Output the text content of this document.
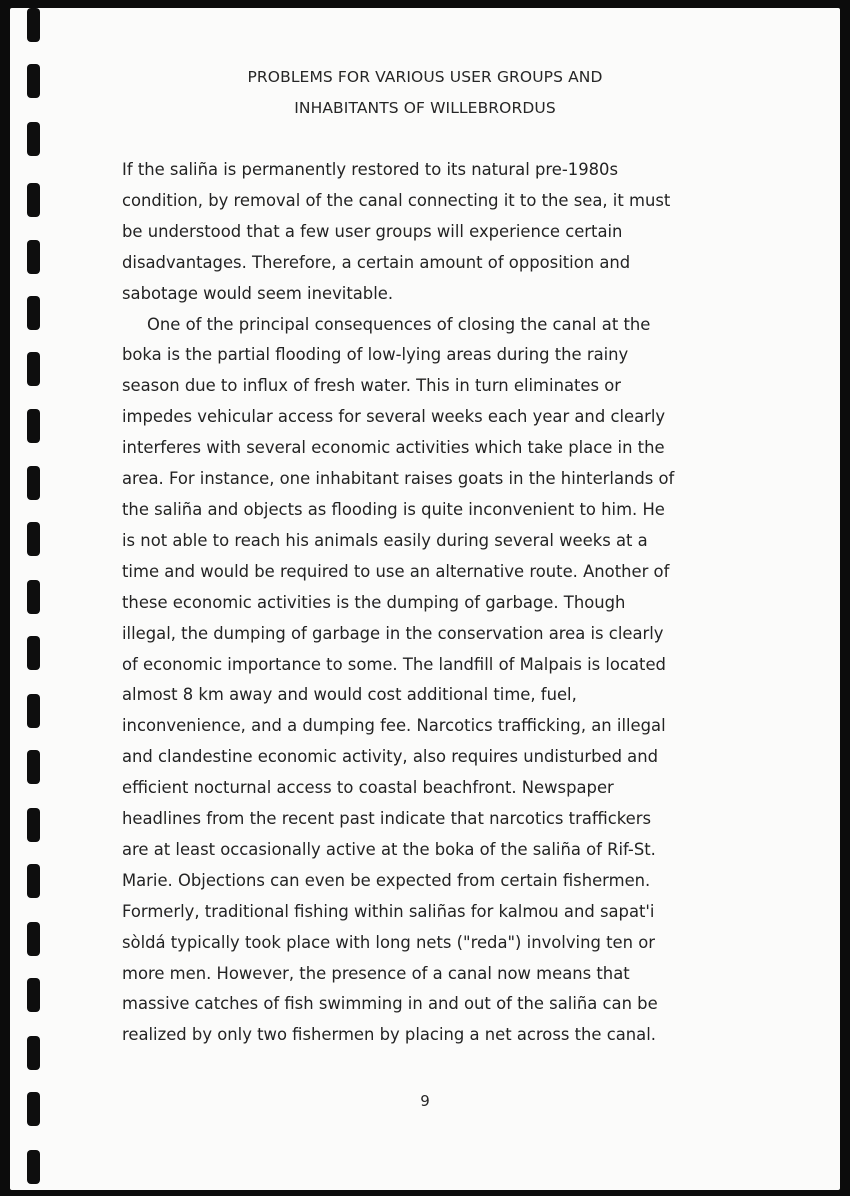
PROBLEMS FOR VARIOUS USER GROUPS AND
INHABITANTS OF WILLEBRORDUS

If the saliña is permanently restored to its natural pre-1980s
condition, by removal of the canal connecting it to the sea, it must
be understood that a few user groups will experience certain
disadvantages. Therefore, a certain amount of opposition and
sabotage would seem inevitable.

One of the principal consequences of closing the canal at the
boka is the partial flooding of low-lying areas during the rainy
season due to influx of fresh water. This in turn eliminates or
impedes vehicular access for several weeks each year and clearly
interferes with several economic activities which take place in the
area. For instance, one inhabitant raises goats in the hinterlands of
the saliña and objects as flooding is quite inconvenient to him. He
is not able to reach his animals easily during several weeks at a
time and would be required to use an alternative route. Another of
these economic activities is the dumping of garbage. Though
illegal, the dumping of garbage in the conservation area is clearly
of economic importance to some. The landfill of Malpais is located
almost 8 km away and would cost additional time, fuel,
inconvenience, and a dumping fee. Narcotics trafficking, an illegal
and clandestine economic activity, also requires undisturbed and
efficient nocturnal access to coastal beachfront. Newspaper
headlines from the recent past indicate that narcotics traffickers
are at least occasionally active at the boka of the saliña of Rif-St.
Marie. Objections can even be expected from certain fishermen.
Formerly, traditional fishing within saliñas for kalmou and sapat'i
sòldá typically took place with long nets ("reda") involving ten or
more men. However, the presence of a canal now means that
massive catches of fish swimming in and out of the saliña can be
realized by only two fishermen by placing a net across the canal.

9
